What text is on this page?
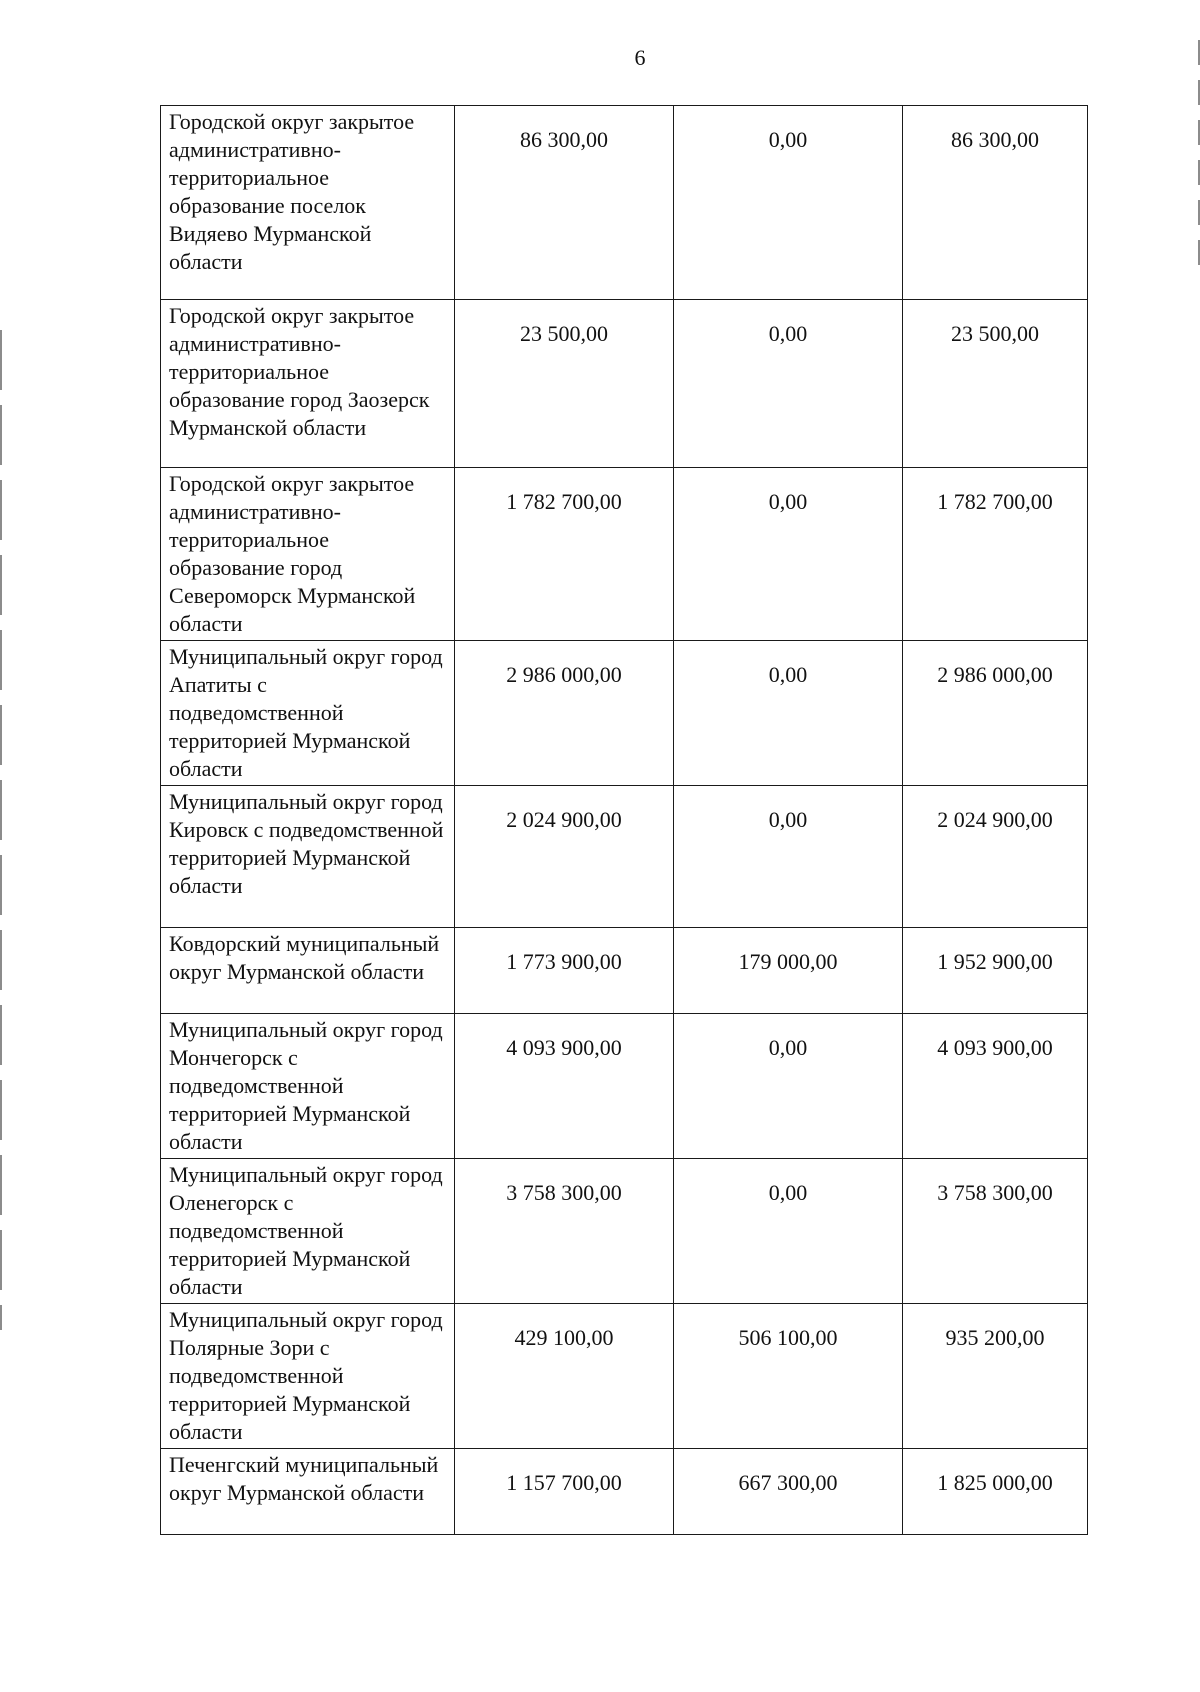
6
Городской округ закрытое административно-территориальное образование поселок Видяево Мурманской области	86 300,00	0,00	86 300,00
Городской округ закрытое административно-территориальное образование город Заозерск Мурманской области	23 500,00	0,00	23 500,00
Городской округ закрытое административно-территориальное образование город Североморск Мурманской области	1 782 700,00	0,00	1 782 700,00
Муниципальный округ город Апатиты с подведомственной территорией Мурманской области	2 986 000,00	0,00	2 986 000,00
Муниципальный округ город Кировск с подведомственной территорией Мурманской области	2 024 900,00	0,00	2 024 900,00
Ковдорский муниципальный округ Мурманской области	1 773 900,00	179 000,00	1 952 900,00
Муниципальный округ город Мончегорск с подведомственной территорией Мурманской области	4 093 900,00	0,00	4 093 900,00
Муниципальный округ город Оленегорск с подведомственной территорией Мурманской области	3 758 300,00	0,00	3 758 300,00
Муниципальный округ город Полярные Зори с подведомственной территорией Мурманской области	429 100,00	506 100,00	935 200,00
Печенгский муниципальный округ Мурманской области	1 157 700,00	667 300,00	1 825 000,00
